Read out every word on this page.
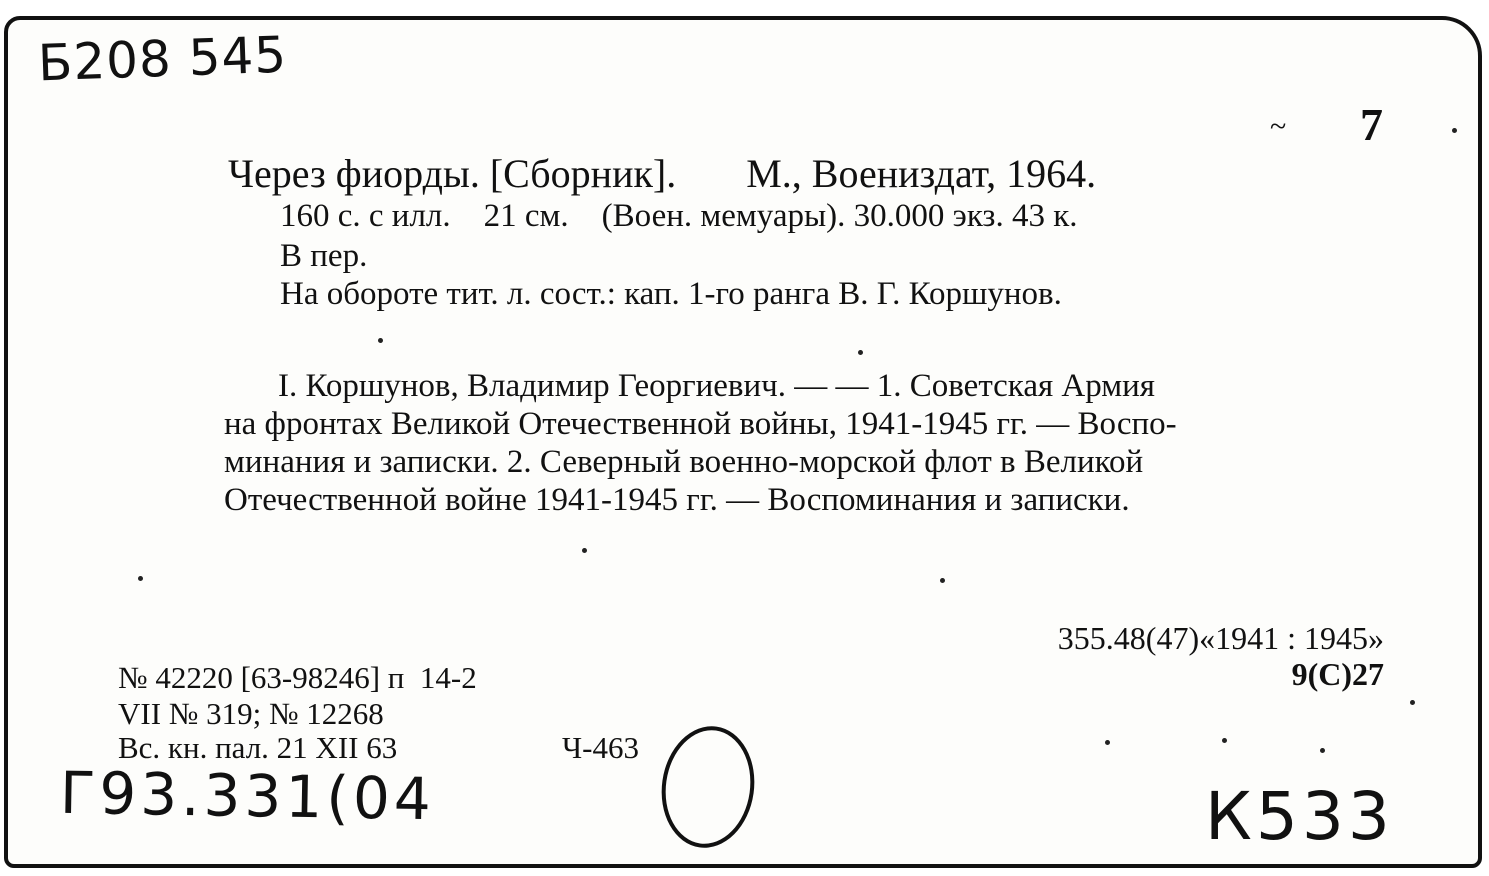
Б208 545
7
~
Через фиорды. [Сборник]. М., Воениздат, 1964.
160 с. с илл.    21 см.    (Воен. мемуары). 30.000 экз. 43 к.
В пер.
На обороте тит. л. сост.: кап. 1-го ранга В. Г. Коршунов.
I. Коршунов, Владимир Георгиевич. — — 1. Советская Армия
на фронтах Великой Отечественной войны, 1941-1945 гг. — Воспо-
минания и записки. 2. Северный военно-морской флот в Великой
Отечественной войне 1941-1945 гг. — Воспоминания и записки.
355.48(47)«1941 : 1945»
9(С)27
№ 42220 [63-98246] п  14-2
VII № 319; № 12268
Вс. кн. пал. 21 XII 63	Ч-463
Г93.331(04	К533
